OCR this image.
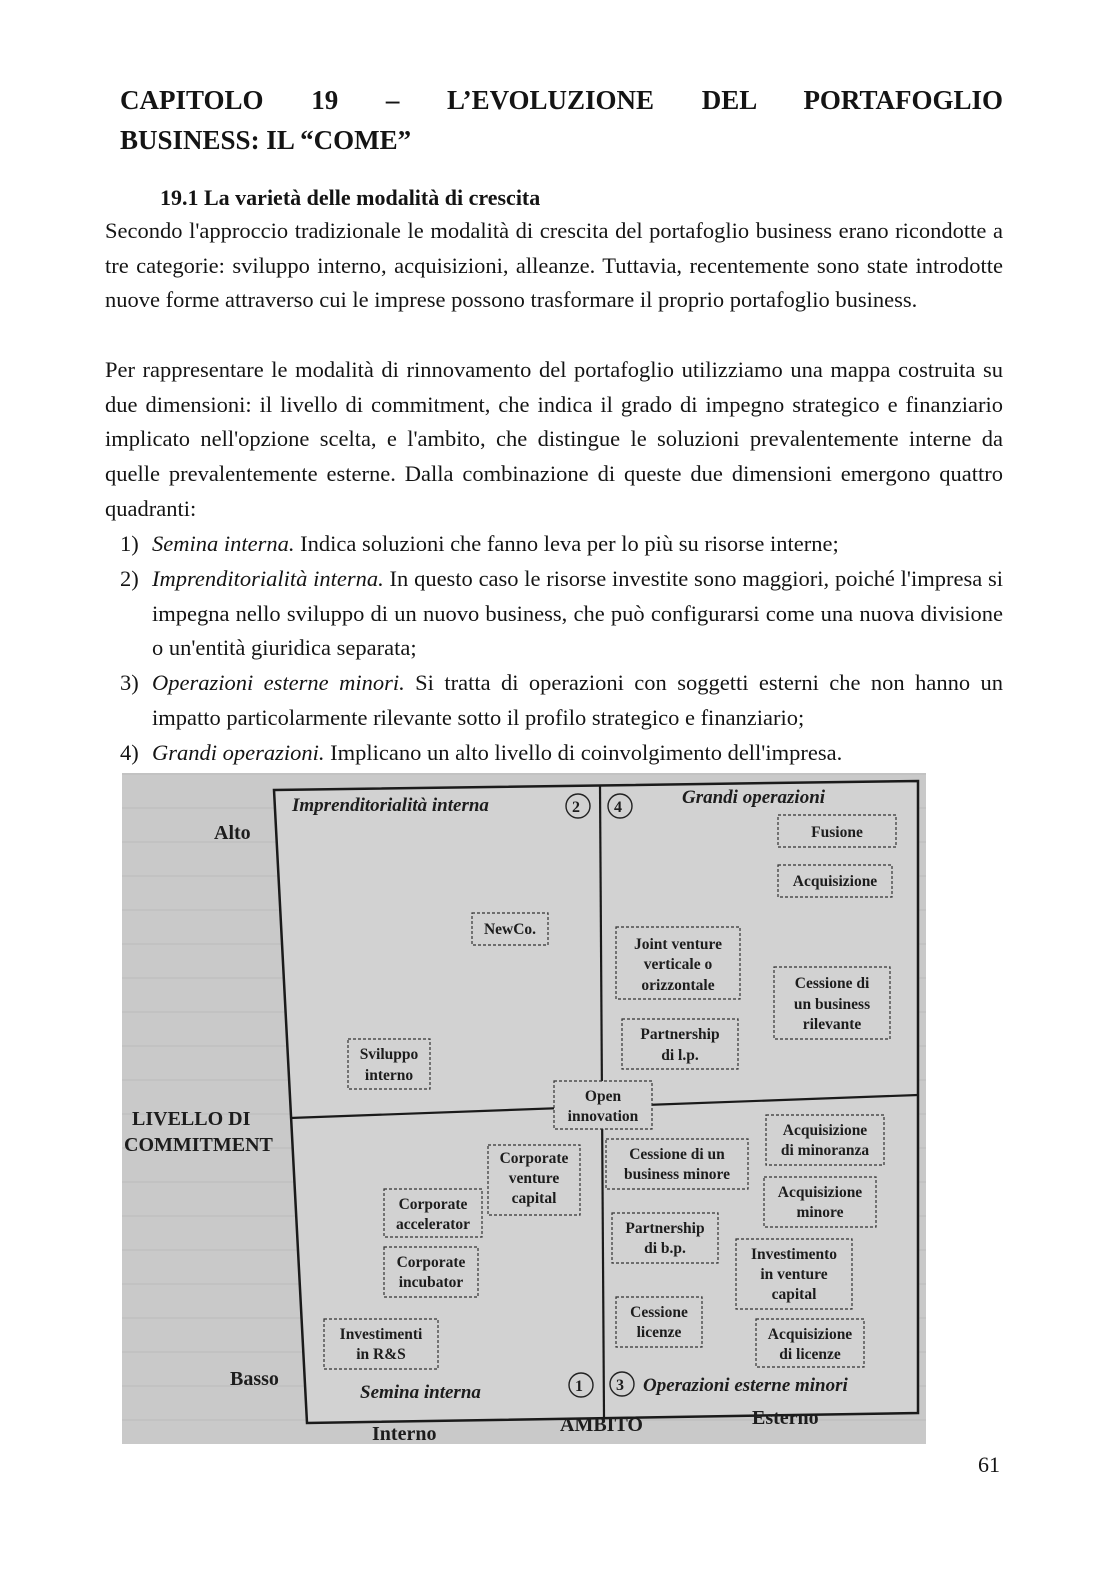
CAPITOLO 19 – L’EVOLUZIONE DEL PORTAFOGLIO
BUSINESS: IL “COME”
19.1 La varietà delle modalità di crescita
Secondo l'approccio tradizionale le modalità di crescita del portafoglio business erano ricondotte a tre categorie: sviluppo interno, acquisizioni, alleanze. Tuttavia, recentemente sono state introdotte nuove forme attraverso cui le imprese possono trasformare il proprio portafoglio business.
Per rappresentare le modalità di rinnovamento del portafoglio utilizziamo una mappa costruita su due dimensioni: il livello di commitment, che indica il grado di impegno strategico e finanziario implicato nell'opzione scelta, e l'ambito, che distingue le soluzioni prevalentemente interne da quelle prevalentemente esterne. Dalla combinazione di queste due dimensioni emergono quattro quadranti:
1) Semina interna. Indica soluzioni che fanno leva per lo più su risorse interne;
2) Imprenditorialità interna. In questo caso le risorse investite sono maggiori, poiché l'impresa si impegna nello sviluppo di un nuovo business, che può configurarsi come una nuova divisione o un'entità giuridica separata;
3) Operazioni esterne minori. Si tratta di operazioni con soggetti esterni che non hanno un impatto particolarmente rilevante sotto il profilo strategico e finanziario;
4) Grandi operazioni. Implicano un alto livello di coinvolgimento dell'impresa.
Imprenditorialità interna	2 4	Grandi operazioni
Semina interna	1 3 Operazioni esterne minori
Alto
Basso
LIVELLO DI
COMMITMENT
Interno	AMBITO	Esterno
Fusione
Acquisizione
NewCo.
Joint venture
verticale o
orizzontale	Cessione di
un business
rilevante
Partnership
di l.p.
Sviluppo
interno
Open
innovation
Corporate
venture
capital
Cessione di un
business minore
Acquisizione
di minoranza
Corporate
accelerator
Acquisizione
minore
Partnership
di b.p.
Corporate
incubator
Investimento
in venture
capital
Investimenti
in R&S
Cessione
licenze	Acquisizione
di licenze
61
